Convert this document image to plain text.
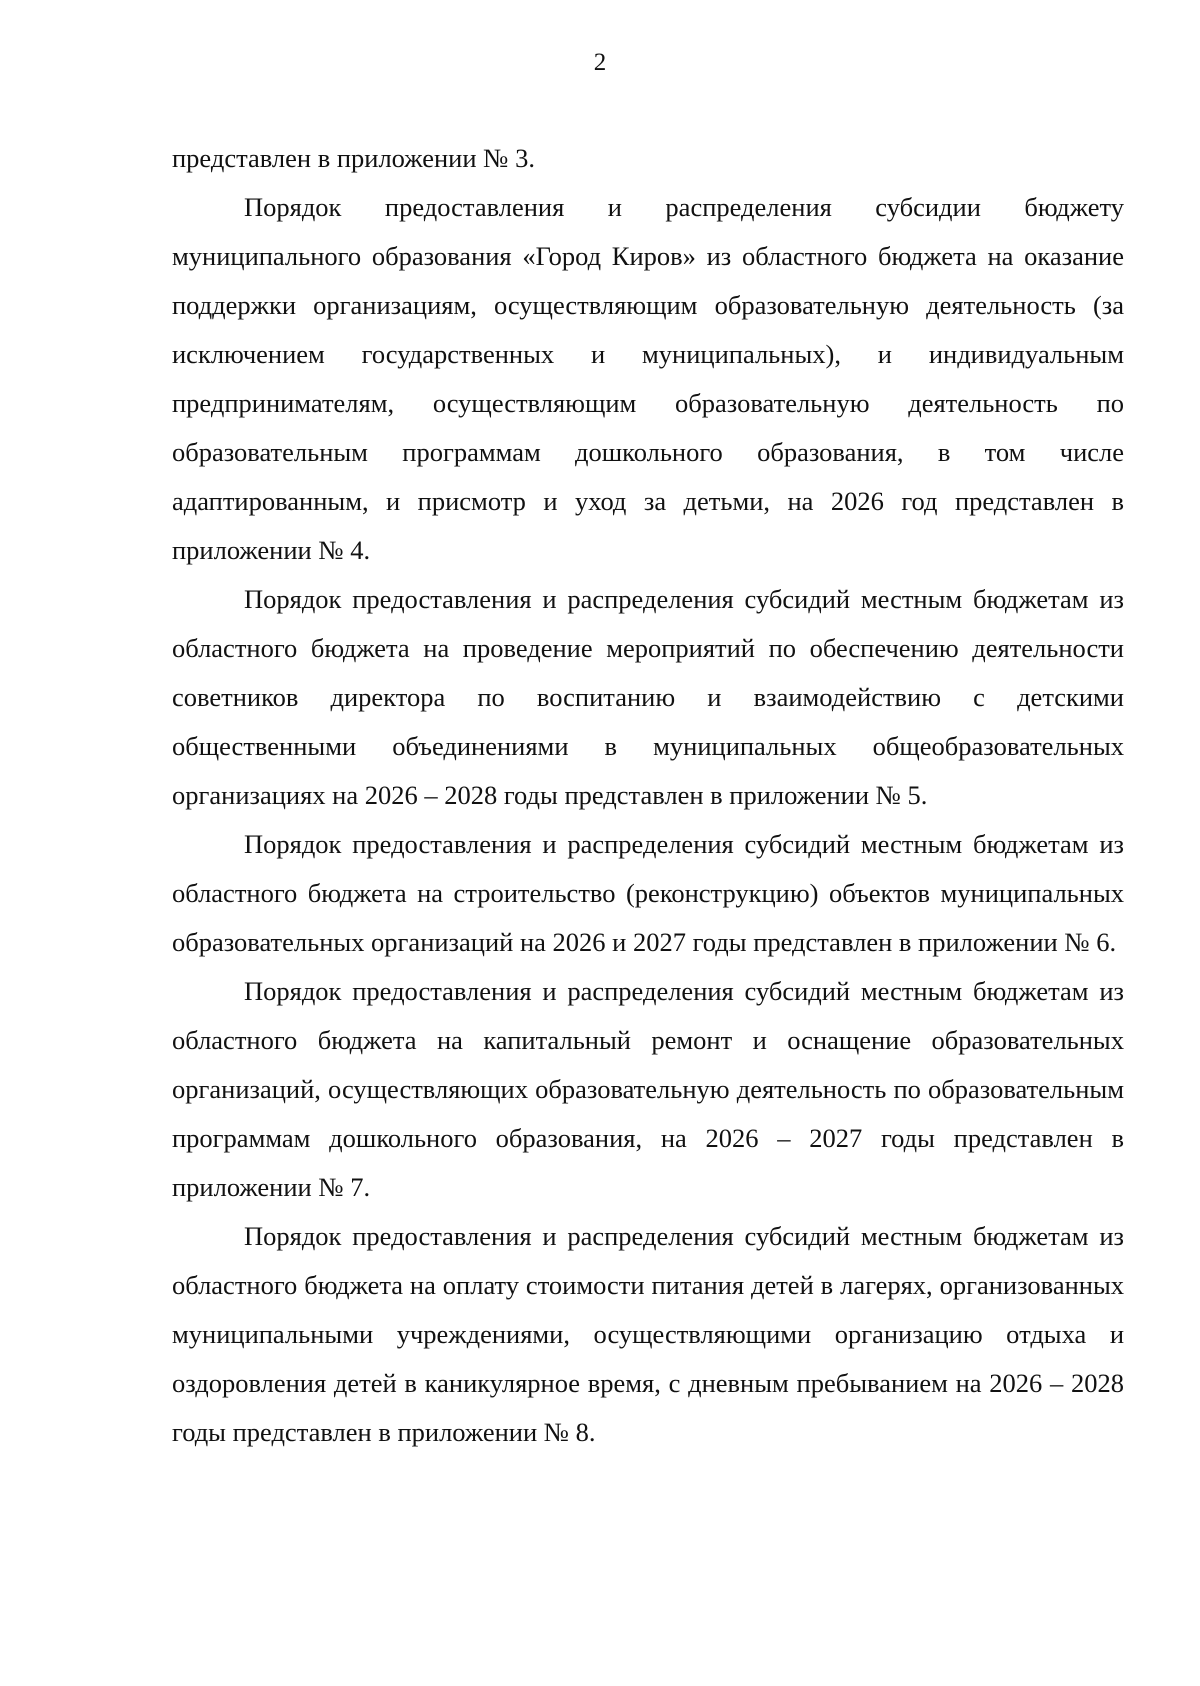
2

представлен в приложении № 3.

Порядок предоставления и распределения субсидии бюджету муниципального образования «Город Киров» из областного бюджета на оказание поддержки организациям, осуществляющим образовательную деятельность (за исключением государственных и муниципальных), и индивидуальным предпринимателям, осуществляющим образовательную деятельность по образовательным программам дошкольного образования, в том числе адаптированным, и присмотр и уход за детьми, на 2026 год представлен в приложении № 4.

Порядок предоставления и распределения субсидий местным бюджетам из областного бюджета на проведение мероприятий по обеспечению деятельности советников директора по воспитанию и взаимодействию с детскими общественными объединениями в муниципальных общеобразовательных организациях на 2026 – 2028 годы представлен в приложении № 5.

Порядок предоставления и распределения субсидий местным бюджетам из областного бюджета на строительство (реконструкцию) объектов муниципальных образовательных организаций на 2026 и 2027 годы представлен в приложении № 6.

Порядок предоставления и распределения субсидий местным бюджетам из областного бюджета на капитальный ремонт и оснащение образовательных организаций, осуществляющих образовательную деятельность по образовательным программам дошкольного образования, на 2026 – 2027 годы представлен в приложении № 7.

Порядок предоставления и распределения субсидий местным бюджетам из областного бюджета на оплату стоимости питания детей в лагерях, организованных муниципальными учреждениями, осуществляющими организацию отдыха и оздоровления детей в каникулярное время, с дневным пребыванием на 2026 – 2028 годы представлен в приложении № 8.
